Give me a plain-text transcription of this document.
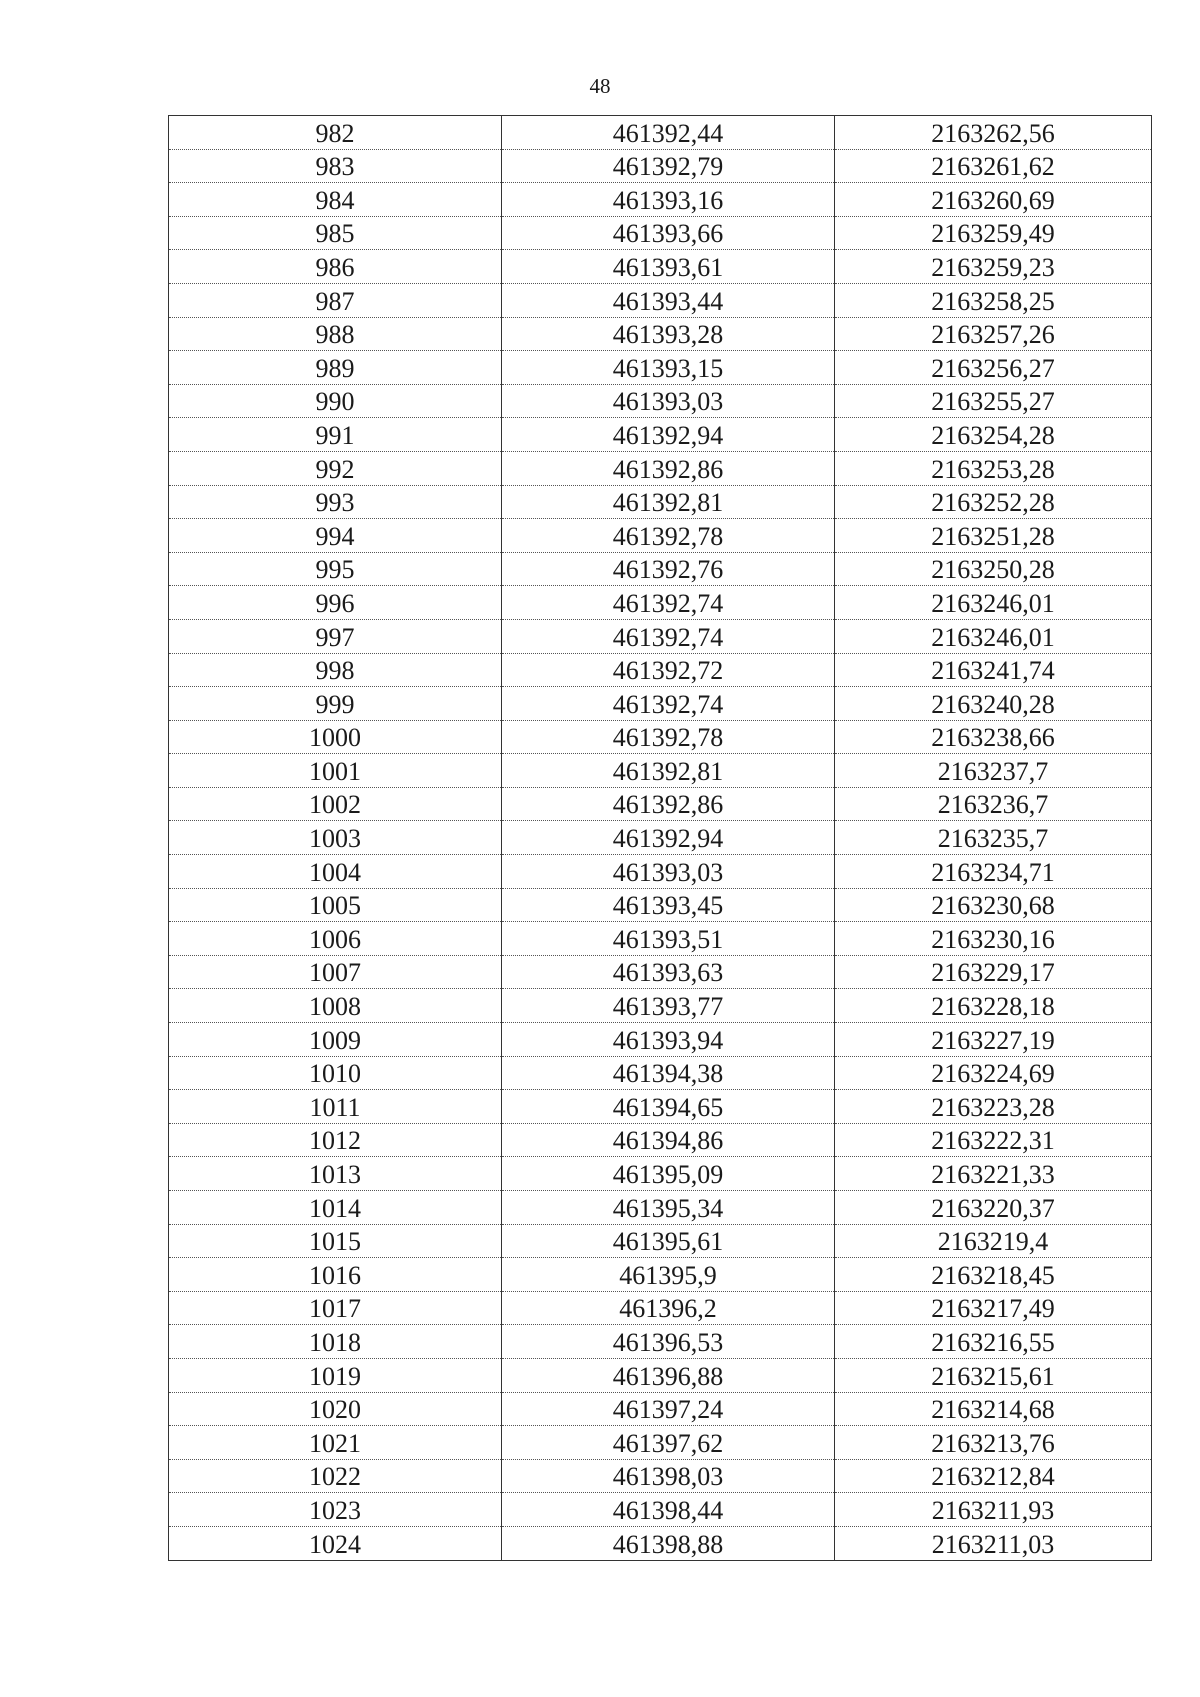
48
982	461392,44	2163262,56
983	461392,79	2163261,62
984	461393,16	2163260,69
985	461393,66	2163259,49
986	461393,61	2163259,23
987	461393,44	2163258,25
988	461393,28	2163257,26
989	461393,15	2163256,27
990	461393,03	2163255,27
991	461392,94	2163254,28
992	461392,86	2163253,28
993	461392,81	2163252,28
994	461392,78	2163251,28
995	461392,76	2163250,28
996	461392,74	2163246,01
997	461392,74	2163246,01
998	461392,72	2163241,74
999	461392,74	2163240,28
1000	461392,78	2163238,66
1001	461392,81	2163237,7
1002	461392,86	2163236,7
1003	461392,94	2163235,7
1004	461393,03	2163234,71
1005	461393,45	2163230,68
1006	461393,51	2163230,16
1007	461393,63	2163229,17
1008	461393,77	2163228,18
1009	461393,94	2163227,19
1010	461394,38	2163224,69
1011	461394,65	2163223,28
1012	461394,86	2163222,31
1013	461395,09	2163221,33
1014	461395,34	2163220,37
1015	461395,61	2163219,4
1016	461395,9	2163218,45
1017	461396,2	2163217,49
1018	461396,53	2163216,55
1019	461396,88	2163215,61
1020	461397,24	2163214,68
1021	461397,62	2163213,76
1022	461398,03	2163212,84
1023	461398,44	2163211,93
1024	461398,88	2163211,03
